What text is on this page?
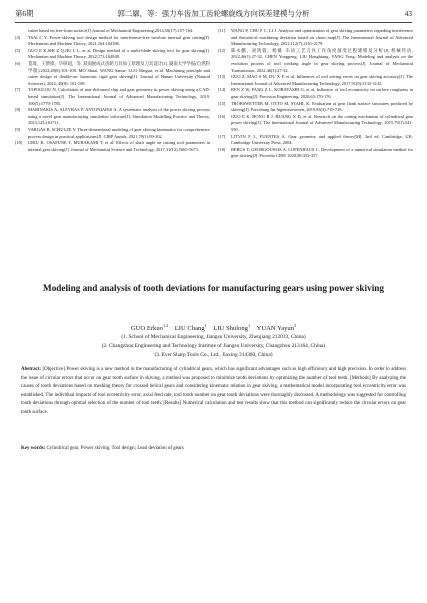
第6期	郭二廓，等：强力车齿加工齿轮螺旋线方向误差建模与分析	43
cutter based on free-form surface[J] Journal of Mechanical Engineering,2014,50(17):157-164.
[4]	TSAI C Y. Power-skiving tool design method for interference-free involute internal gear cutting[J]. Mechanism and Machine Theory, 2021,164:104396.
[5]	GUO E K,SHI Z Q,JIU L L, et al. Design method of a multi-blade skiving tool for gear skiving[J]. Mechanism and Machine Theory, 2022,173:104848.
[6]	莫琦，王赞锋，毕研超，等. 双面展成式齿轮刀具加工原理及刀具设计[J]. 湖南大学学报(自然科学版),2022,49(8):101-108. MO Shuai, WANG Sanue, LUO Bingtai, et al. Machining principle and cutter design of double-arc harmonic rigid gear skiving[J]. Journal of Hunan University (Natural Sciences), 2022, 49(8): 101-108.
[7]	TAPOGLOU N. Calculation of non-deformed chip and gear geometry in power skiving using a CAD-based simulation[J]. The International Journal of Advanced Manufacturing Technology, 2019, 100(5):1779-1785.
[8]	MARINAKIS A, ALEVRAS P, ANTONIADIS A. A systematic analysis of the power skiving process using a novel gear manufacturing simulation software[J]. Simulation Modelling Practice and Theory, 2023,123:102711.
[9]	VARGAS B, SCHULZE V. Three-dimensional modeling of gear skiving kinematics for comprehensive process design in practical applications[J]. CIRP Annals, 2021,70(1):99-102.
[10]	URIU K, OSAFUNE T, MURAKAMI T, et al. Effects of shaft angle on cutting tool parameters in internal gear skiving[J]. Journal of Mechanical Science and Technology, 2017,31(12):5665-5673.
[11]	WANG P, CHU F C, LI J. Analysis and optimization of gear skiving parameters regarding interference and theoretical machining deviation based on chaos map[J]. The International Journal of Advanced Manufacturing Technology, 2021,112(7):2161-2179.
[12]	陈永鹏，刘鸿蓉，杨雄. 车齿工艺刀具工作角度演变过程建模及分析[J]. 机械传动, 2022,46(1):27-32. CHEN Yongpeng, LIU Honghiang, YANG Yong. Modeling and analysis on the evolution process of tool working angle in gear skiving process[J]. Journal of Mechanical Transmission, 2022,46(1):27-32.
[13]	GUO Z, MAO S M, DU X F, et al. Influences of tool setting errors on gear skiving accuracy[J]. The International Journal of Advanced Manufacturing Technology, 2017,91(9):3135-3143.
[14]	REN Z W, FANG Z L, KOBAYASHI G, et al. Influence of tool eccentricity on surface roughness in gear skiving[J]. Precision Engineering, 2020,63:170-176.
[15]	TRÖBSWETTER M, OTTO M, STAHL K. Evaluation of gear flank surface structures produced by skiving[J]. Forschung Im Ingenieurwesen, 2019,83(3):719-726.
[16]	GUO E K, HONG R J, HUANG X D, et al. Research on the cutting mechanism of cylindrical gear power skiving[J]. The International Journal of Advanced Manufacturing Technology, 2015,79(1):541-550.
[17]	LITVIN F L, FUENTES A. Gear geometry and applied theory[M]. 2nd ed. Cambridge, UK: Cambridge University Press, 2004.
[18]	BERGS T, GEORGOUSSIS A, LOPENHAUS C. Development of a numerical simulation method for gear skiving[J]. Procedia CIRP, 2020,88:352-357.
Modeling and analysis of tooth deviations for manufacturing gears using power skiving
GUO Erkuo$^{1,2}$  LIU Chang$^1$  LIU Shulong$^1$  YUAN Yayun$^3$
(1. School of Mechanical Engineering, Jiangsu University, Zhenjiang 212013, China)
(2. Changzhou Engineering and Technology Institute of Jiangsu University, Changzhou 213164, China)
(3. Ever Sharp Tools Co., Ltd., Jiaxing 314300, China)
Abstract: [Objective] Power skiving is a new method in the manufacturing of cylindrical gears, which has significant advantages such as high efficiency and high precision. In order to address the issue of circular errors that occur on gear tooth surface in skiving, a method was proposed to minimize tooth deviations by optimizing the number of tool teeth. [Methods] By analyzing the causes of tooth deviations based on meshing theory for crossed helical gears and considering kinematic relation in gear skiving, a mathematical model incorporating tool eccentricity error was established. The individual impacts of tool eccentricity error, axial feed rate, tool tooth number on gear tooth deviations were thoroughly discussed. A methodology was suggested for controlling tooth deviations through optimal selection of the number of tool teeth. [Results] Numerical calculation and test results show that this method can significantly reduce the circular errors on gear tooth surface.
Key words: Cylindrical gear, Power skiving, Tool design; Lead deviation of gears
